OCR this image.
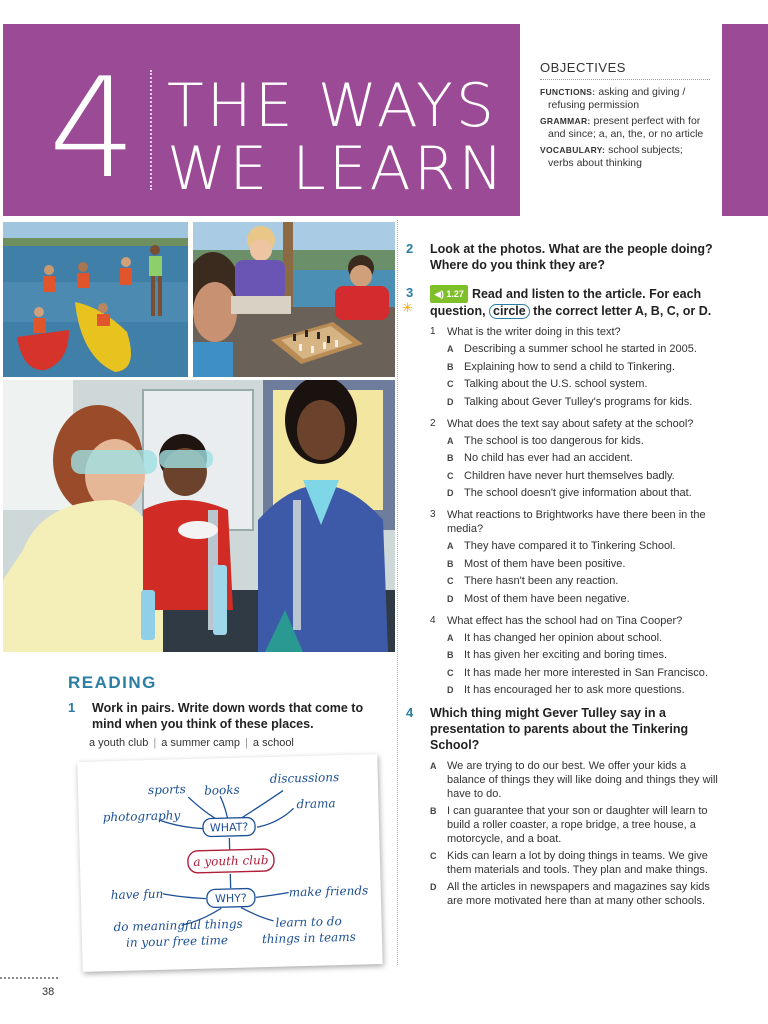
4 THE WAYS
WE LEARN
OBJECTIVES
FUNCTIONS: asking and giving / refusing permission
GRAMMAR: present perfect with for and since; a, an, the, or no article
VOCABULARY: school subjects; verbs about thinking
2 Look at the photos. What are the people doing? Where do you think they are?
3
✳
◀) 1.27 Read and listen to the article. For each question, circle the correct letter A, B, C, or D.
1 What is the writer doing in this text?
A Describing a summer school he started in 2005.
B Explaining how to send a child to Tinkering.
C Talking about the U.S. school system.
D Talking about Gever Tulley's programs for kids.
2 What does the text say about safety at the school?
A The school is too dangerous for kids.
B No child has ever had an accident.
C Children have never hurt themselves badly.
D The school doesn't give information about that.
3 What reactions to Brightworks have there been in the media?
A They have compared it to Tinkering School.
B Most of them have been positive.
C There hasn't been any reaction.
D Most of them have been negative.
4 What effect has the school had on Tina Cooper?
A It has changed her opinion about school.
B It has given her exciting and boring times.
C It has made her more interested in San Francisco.
D It has encouraged her to ask more questions.
4 Which thing might Gever Tulley say in a presentation to parents about the Tinkering School?
A We are trying to do our best. We offer your kids a balance of things they will like doing and things they will have to do.
B I can guarantee that your son or daughter will learn to build a roller coaster, a rope bridge, a tree house, a motorcycle, and a boat.
C Kids can learn a lot by doing things in teams. We give them materials and tools. They plan and make things.
D All the articles in newspapers and magazines say kids are more motivated here than at many other schools.
READING
1 Work in pairs. Write down words that come to mind when you think of these places.
a youth club | a summer camp | a school
sports books
discussions
photography
drama
WHAT?
a youth club
WHY?
have fun	make friends
do meaningful things
in your free time
learn to do
things in teams
38
